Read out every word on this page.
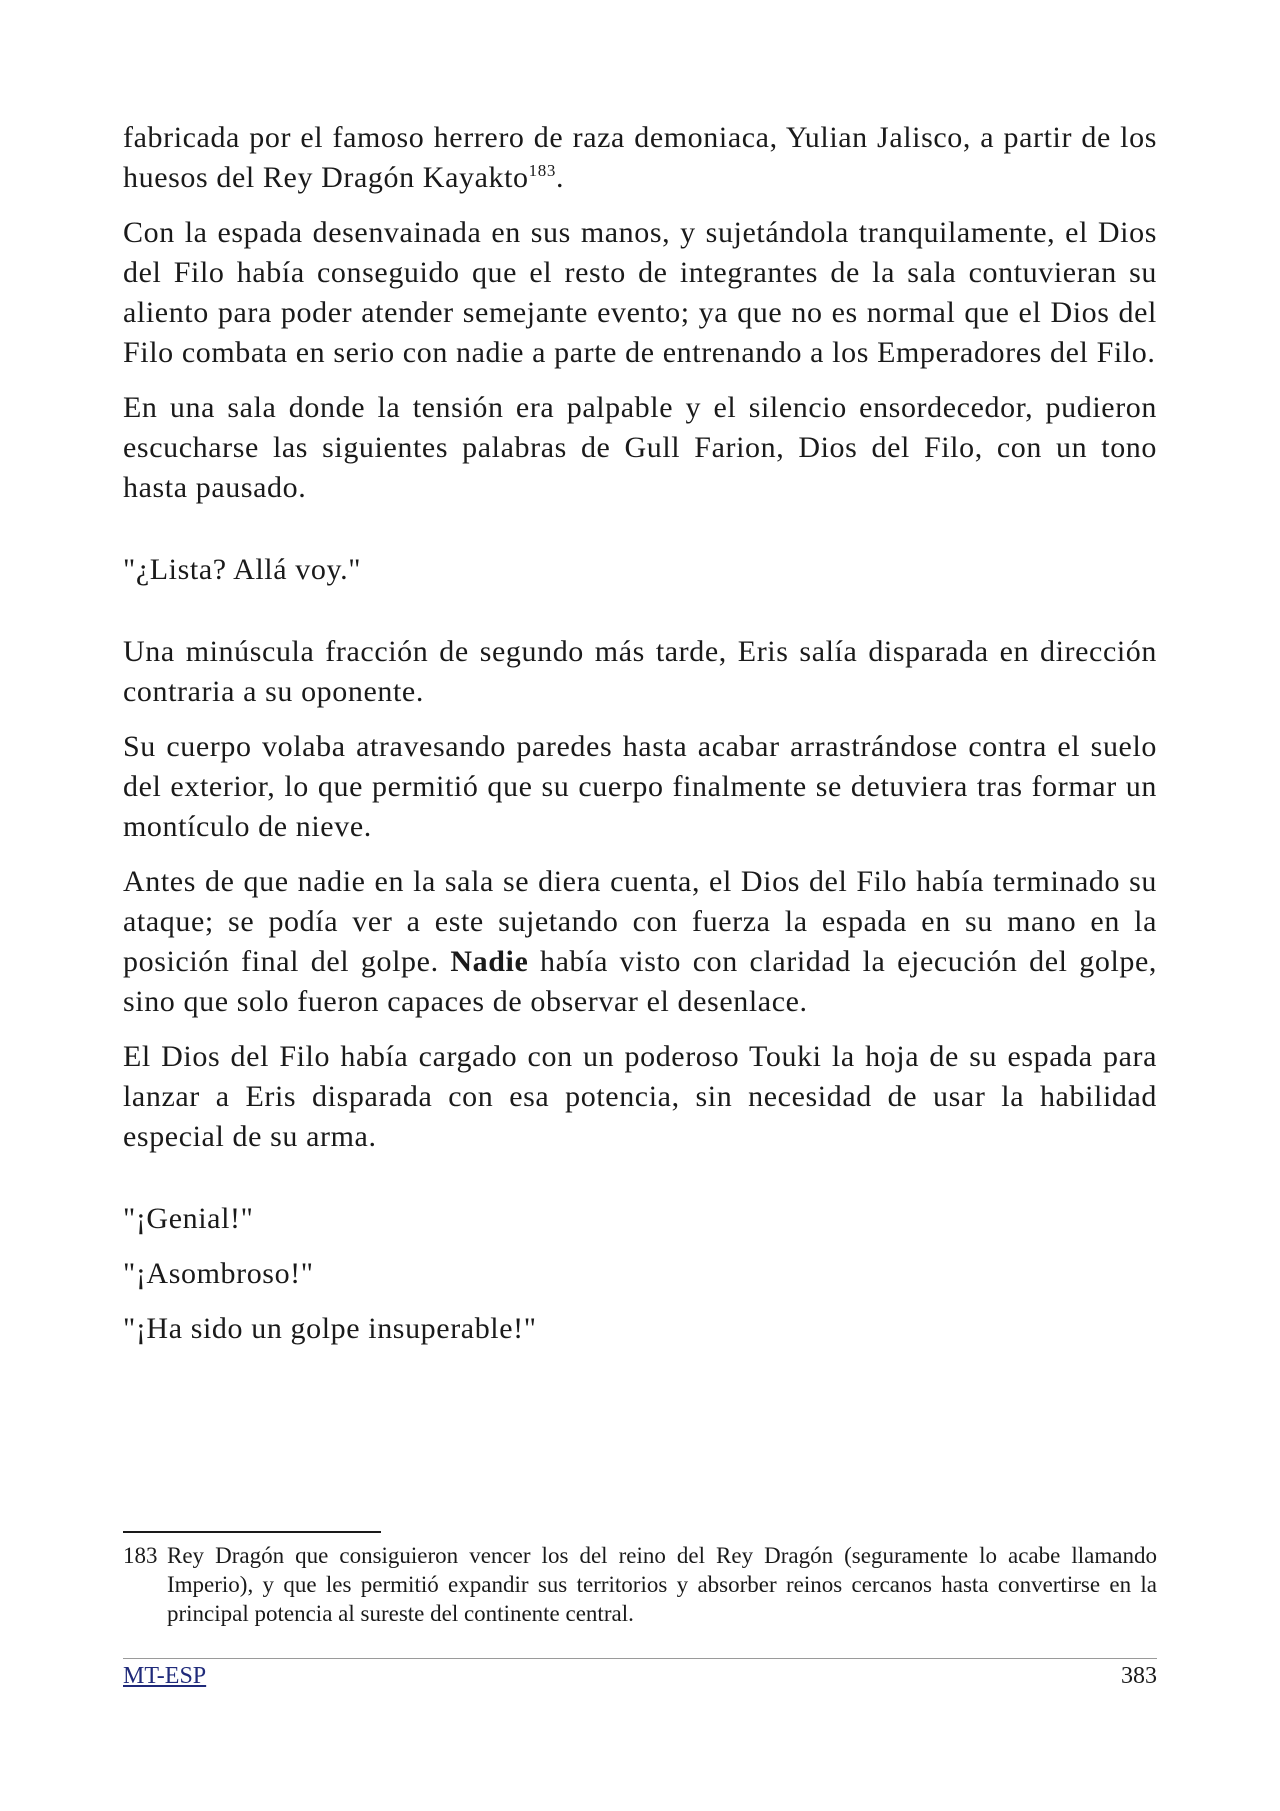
fabricada por el famoso herrero de raza demoniaca, Yulian Jalisco, a partir de los huesos del Rey Dragón Kayakto$^{183}$.

Con la espada desenvainada en sus manos, y sujetándola tranquilamente, el Dios del Filo había conseguido que el resto de integrantes de la sala contuvieran su aliento para poder atender semejante evento; ya que no es normal que el Dios del Filo combata en serio con nadie a parte de entrenando a los Emperadores del Filo.

En una sala donde la tensión era palpable y el silencio ensordecedor, pudieron escucharse las siguientes palabras de Gull Farion, Dios del Filo, con un tono hasta pausado.

"¿Lista? Allá voy."

Una minúscula fracción de segundo más tarde, Eris salía disparada en dirección contraria a su oponente.

Su cuerpo volaba atravesando paredes hasta acabar arrastrándose contra el suelo del exterior, lo que permitió que su cuerpo finalmente se detuviera tras formar un montículo de nieve.

Antes de que nadie en la sala se diera cuenta, el Dios del Filo había terminado su ataque; se podía ver a este sujetando con fuerza la espada en su mano en la posición final del golpe. Nadie había visto con claridad la ejecución del golpe, sino que solo fueron capaces de observar el desenlace.

El Dios del Filo había cargado con un poderoso Touki la hoja de su espada para lanzar a Eris disparada con esa potencia, sin necesidad de usar la habilidad especial de su arma.

"¡Genial!"

"¡Asombroso!"

"¡Ha sido un golpe insuperable!"

183 Rey Dragón que consiguieron vencer los del reino del Rey Dragón (seguramente lo acabe llamando Imperio), y que les permitió expandir sus territorios y absorber reinos cercanos hasta convertirse en la principal potencia al sureste del continente central.
MT-ESP	383
